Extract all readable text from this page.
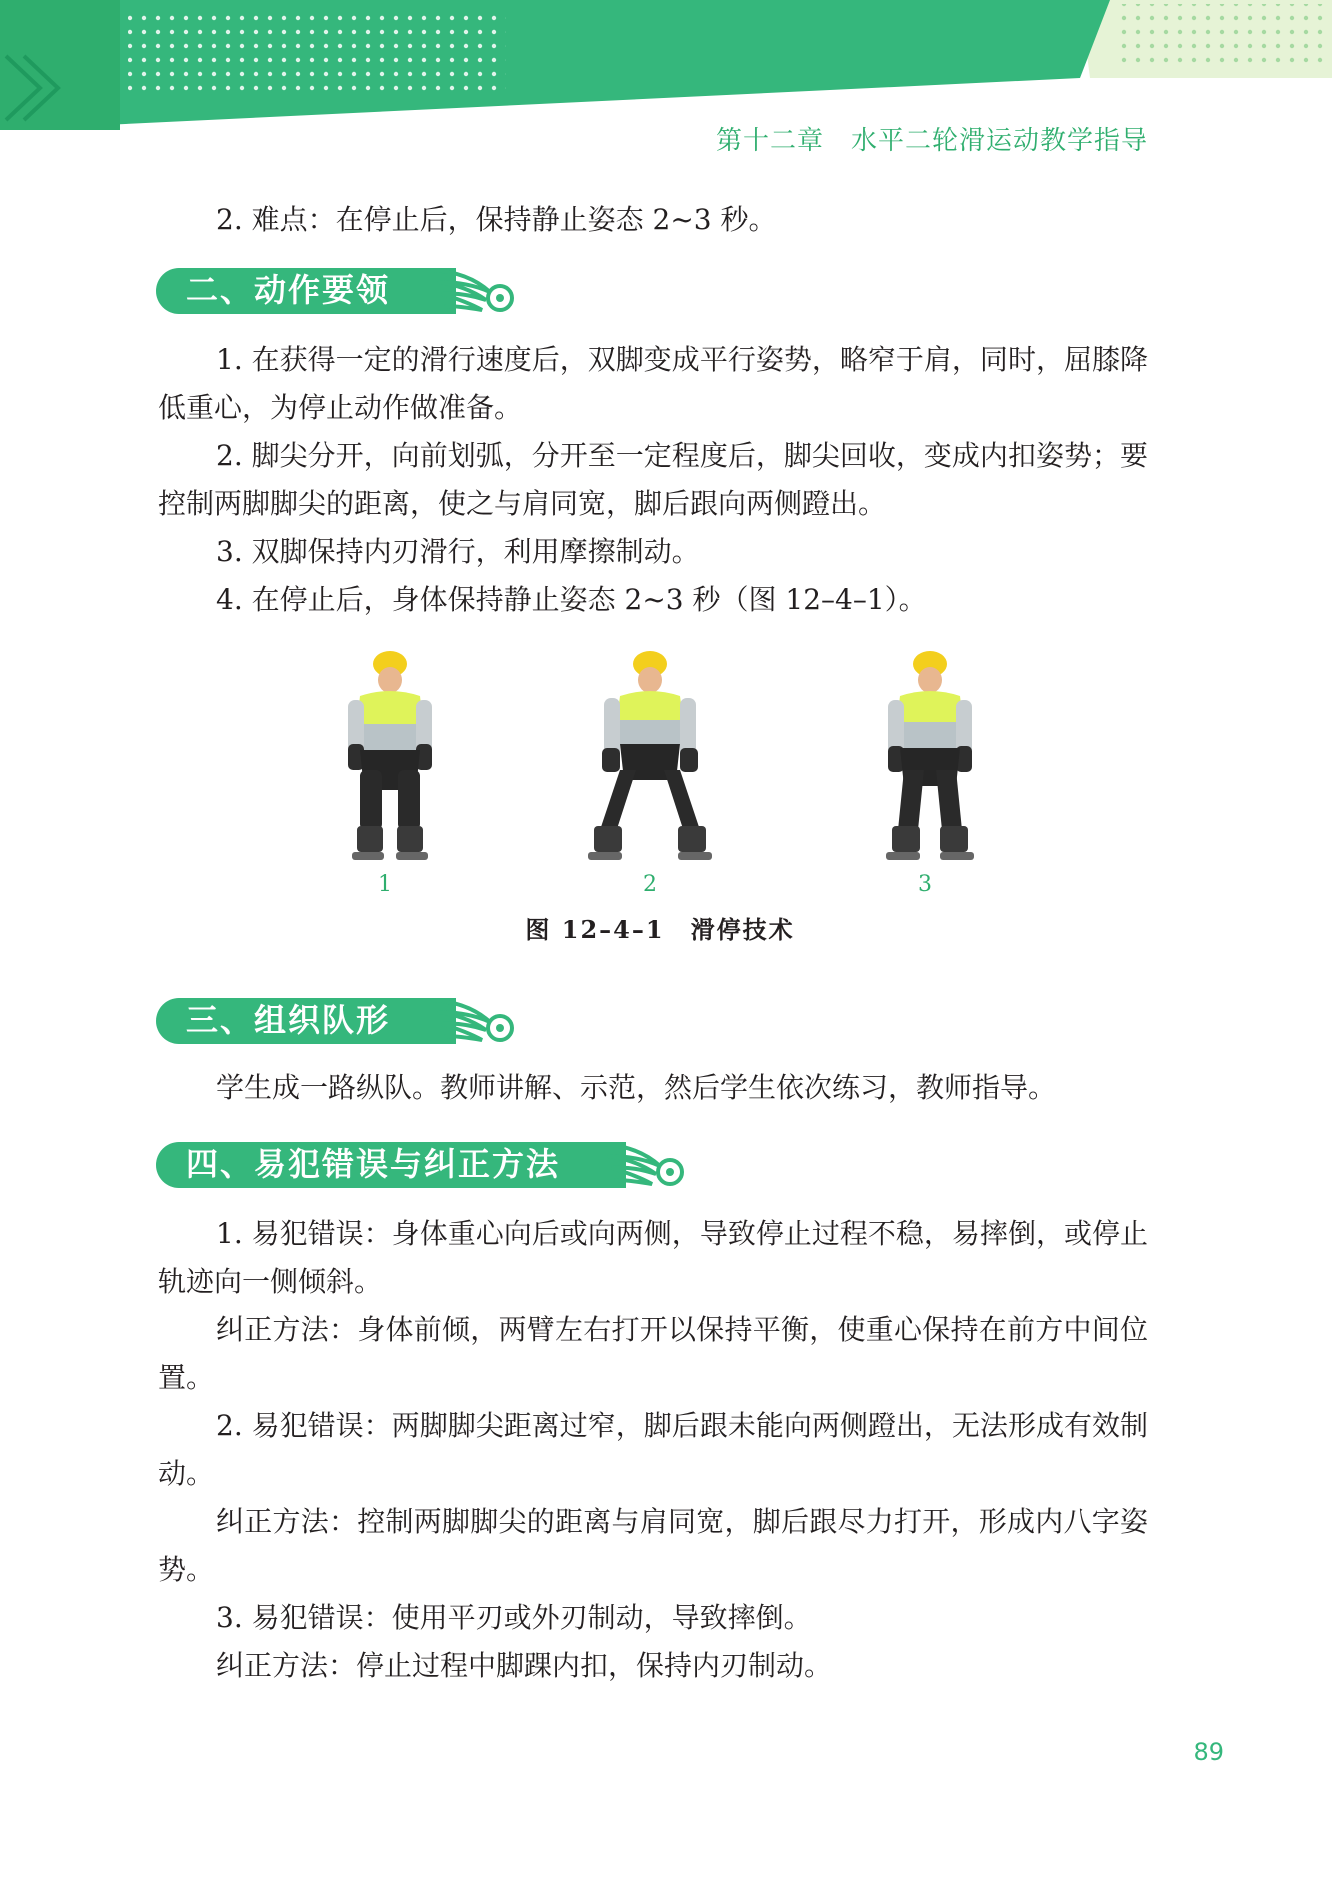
第十二章　水平二轮滑运动教学指导

2. 难点：在停止后，保持静止姿态 2~3 秒。

二、动作要领

1. 在获得一定的滑行速度后，双脚变成平行姿势，略窄于肩，同时，屈膝降低重心，为停止动作做准备。

2. 脚尖分开，向前划弧，分开至一定程度后，脚尖回收，变成内扣姿势；要控制两脚脚尖的距离，使之与肩同宽，脚后跟向两侧蹬出。

3. 双脚保持内刃滑行，利用摩擦制动。

4. 在停止后，身体保持静止姿态 2~3 秒（图 12–4–1）。

1	2	3
图 12–4–1　滑停技术
三、组织队形

学生成一路纵队。教师讲解、示范，然后学生依次练习，教师指导。

四、易犯错误与纠正方法

1. 易犯错误：身体重心向后或向两侧，导致停止过程不稳，易摔倒，或停止轨迹向一侧倾斜。

纠正方法：身体前倾，两臂左右打开以保持平衡，使重心保持在前方中间位置。

2. 易犯错误：两脚脚尖距离过窄，脚后跟未能向两侧蹬出，无法形成有效制动。

纠正方法：控制两脚脚尖的距离与肩同宽，脚后跟尽力打开，形成内八字姿势。

3. 易犯错误：使用平刃或外刃制动，导致摔倒。

纠正方法：停止过程中脚踝内扣，保持内刃制动。

89
